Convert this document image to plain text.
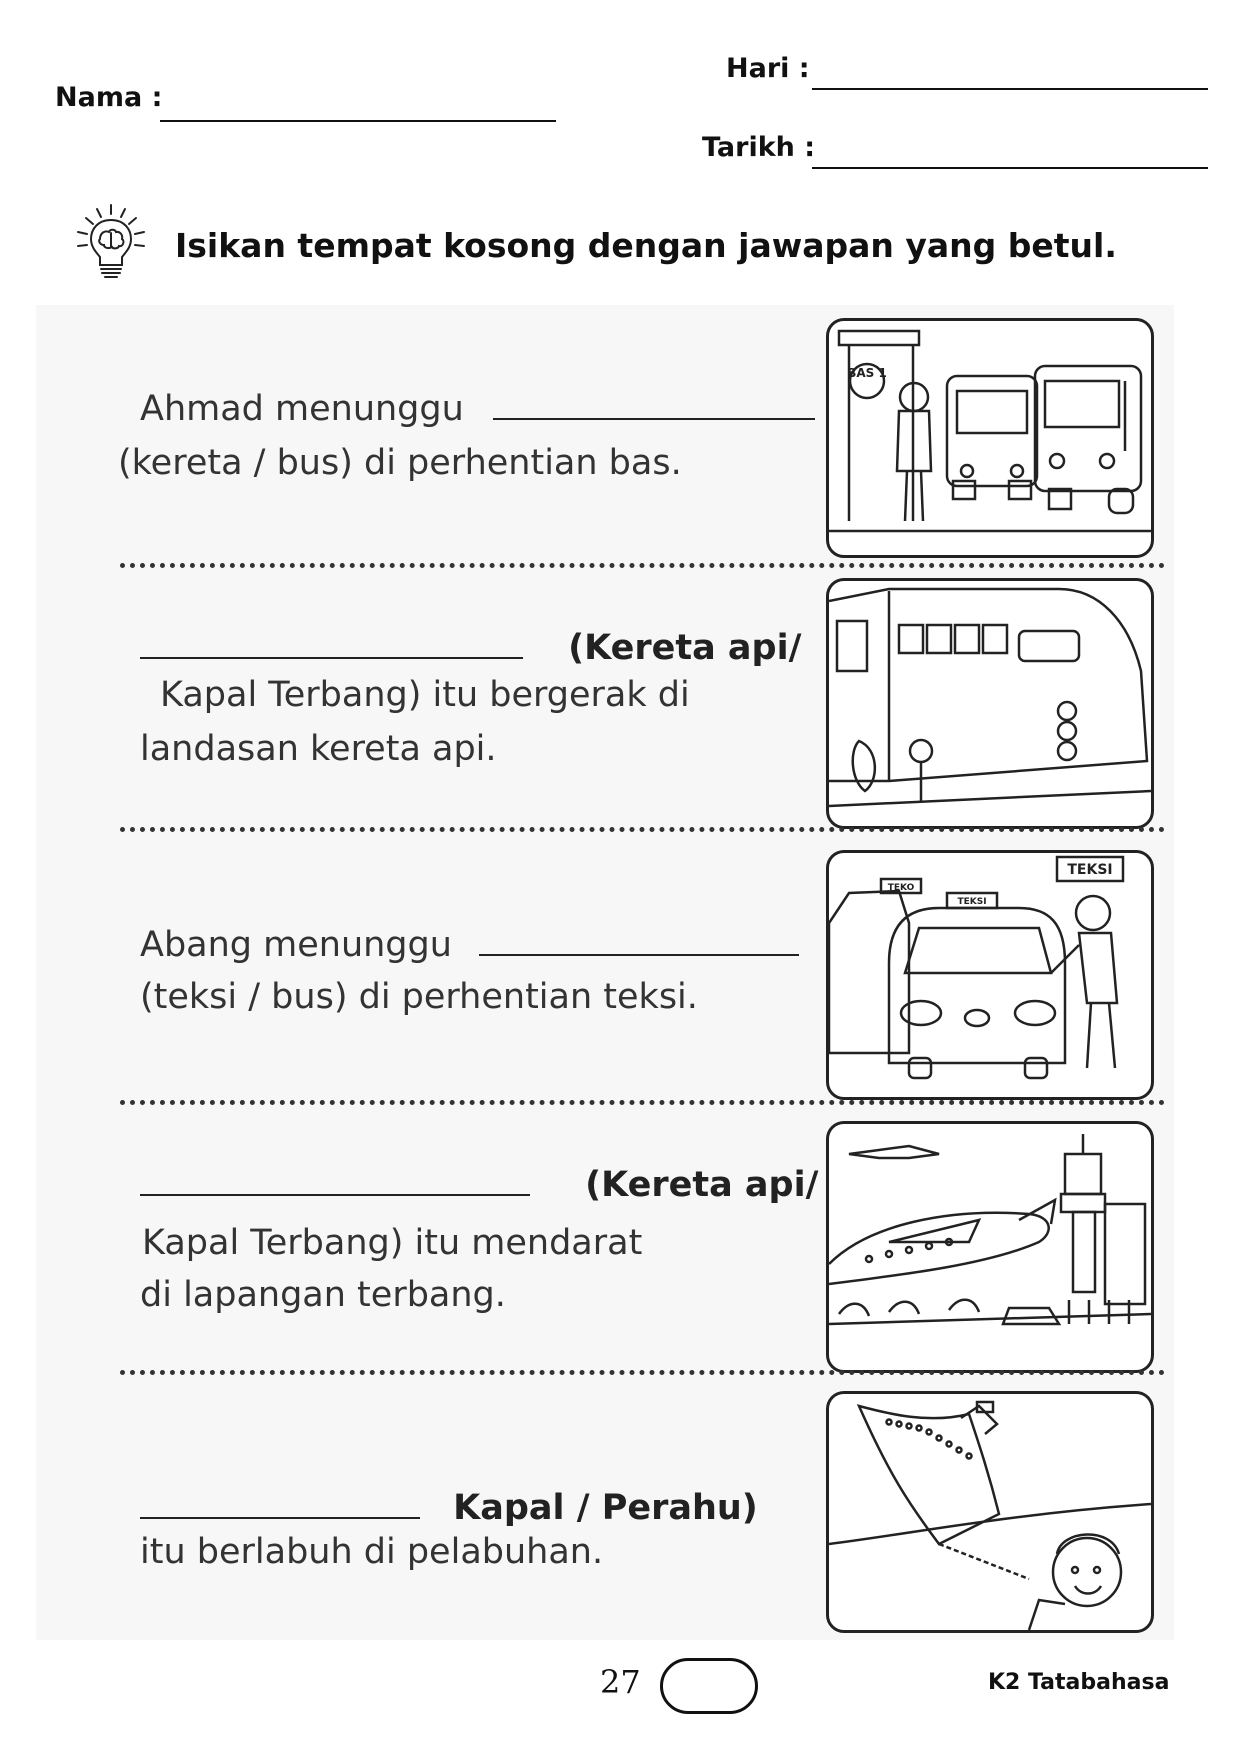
Nama :
Hari :
Tarikh :
Isikan tempat kosong dengan jawapan yang betul.
Ahmad menunggu
(kereta / bus) di perhentian bas.
BAS 1
(Kereta api/
Kapal Terbang) itu bergerak di
landasan kereta api.
Abang menunggu
(teksi / bus) di perhentian teksi.
TEKSI
TEKO
TEKSI
(Kereta api/
Kapal Terbang) itu mendarat
di lapangan terbang.
Kapal / Perahu)
itu berlabuh di pelabuhan.
27	K2 Tatabahasa
